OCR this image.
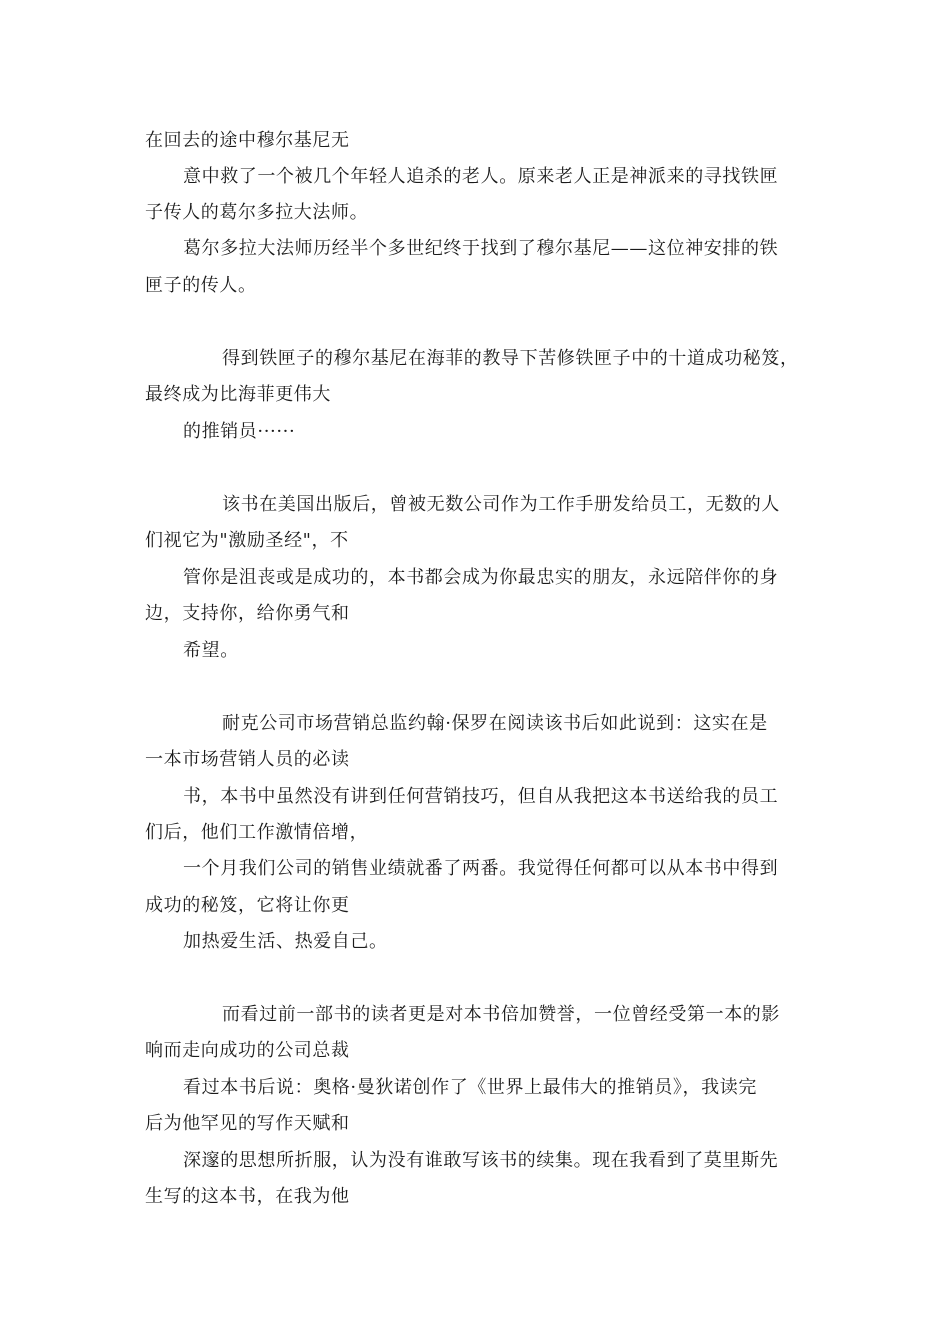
在回去的途中穆尔基尼无
意中救了一个被几个年轻人追杀的老人。原来老人正是神派来的寻找铁匣
子传人的葛尔多拉大法师。
葛尔多拉大法师历经半个多世纪终于找到了穆尔基尼——这位神安排的铁
匣子的传人。
得到铁匣子的穆尔基尼在海菲的教导下苦修铁匣子中的十道成功秘笈，
最终成为比海菲更伟大
的推销员······
该书在美国出版后，曾被无数公司作为工作手册发给员工，无数的人
们视它为"激励圣经"，不
管你是沮丧或是成功的，本书都会成为你最忠实的朋友，永远陪伴你的身
边，支持你，给你勇气和
希望。
耐克公司市场营销总监约翰·保罗在阅读该书后如此说到：这实在是
一本市场营销人员的必读
书，本书中虽然没有讲到任何营销技巧，但自从我把这本书送给我的员工
们后，他们工作激情倍增，
一个月我们公司的销售业绩就番了两番。我觉得任何都可以从本书中得到
成功的秘笈，它将让你更
加热爱生活、热爱自己。
而看过前一部书的读者更是对本书倍加赞誉，一位曾经受第一本的影
响而走向成功的公司总裁
看过本书后说：奥格·曼狄诺创作了《世界上最伟大的推销员》，我读完
后为他罕见的写作天赋和
深邃的思想所折服，认为没有谁敢写该书的续集。现在我看到了莫里斯先
生写的这本书，在我为他
